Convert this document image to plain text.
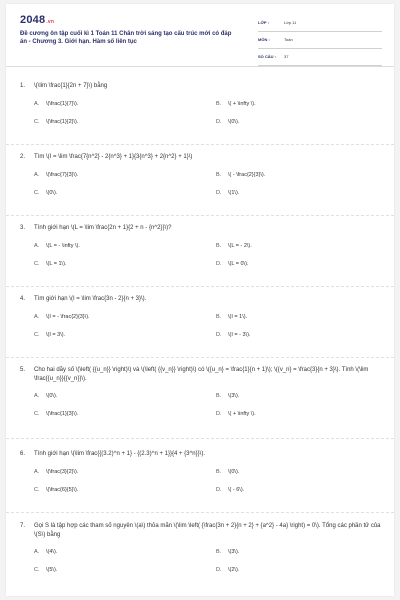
2048.vn
Đề cương ôn tập cuối kì 1 Toán 11 Chân trời sáng tạo cấu trúc mới có đáp án - Chương 3. Giới hạn. Hàm số liên tục
LỚP :	Lớp 11
MÔN :	Toán
SỐ CÂU : 37
1.	\(\lim \frac{1}{2n + 7}\) bằng
A. \(\frac{1}{7}\).	B. \( + \infty \).
C. \(\frac{1}{2}\).	D. \(0\).
2.	Tìm \(I = \lim \frac{7{n^2} - 2{n^3} + 1}{3{n^3} + 2{n^2} + 1}\)
A. \(\frac{7}{3}\).	B. \( - \frac{2}{3}\).
C. \(0\).	D. \(1\).
3.	Tính giới hạn \(L = \lim \frac{2n + 1}{2 + n - {n^2}}\)?
A. \(L = - \infty \).	B. \(L = - 2\).
C. \(L = 1\).	D. \(L = 0\).
4.	Tìm giới hạn \(I = \lim \frac{3n - 2}{n + 3}\).
A. \(I = - \frac{2}{3}\).	B. \(I = 1\).
C. \(I = 3\).	D. \(I = - 3\).
5.	Cho hai dãy số \(\left( {{u_n}} \right)\) và \(\left( {{v_n}} \right)\) có \({u_n} = \frac{1}{n + 1}\); \({v_n} = \frac{3}{n + 3}\). Tính \(\lim \frac{{u_n}}{{v_n}}\).
A. \(0\).	B. \(3\).
C. \(\frac{1}{3}\).	D. \( + \infty \).
6.	Tính giới hạn \(\lim \frac{{(3.2)^n + 1} - {(2.3)^n + 1}}{4 + {3^n}}\).
A. \(\frac{3}{2}\).	B. \(0\).
C. \(\frac{6}{5}\).	D. \( - 6\).
7.	Gọi S là tập hợp các tham số nguyên \(a\) thỏa mãn \(\lim \left( {\frac{3n + 2}{n + 2} + {a^2} - 4a} \right) = 0\). Tổng các phần tử của \(S\) bằng
A. \(4\).	B. \(3\).
C. \(5\).	D. \(2\).
